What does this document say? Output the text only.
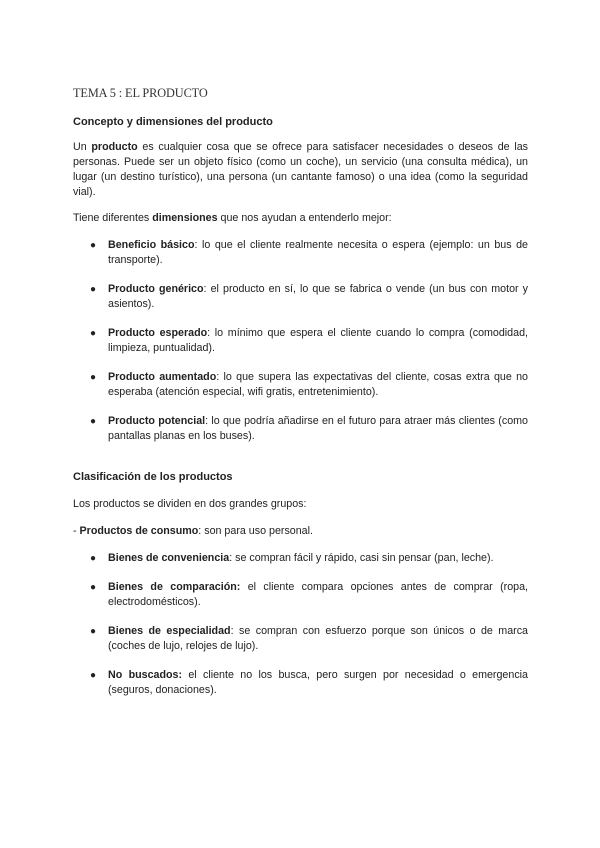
TEMA 5 : EL PRODUCTO
Concepto y dimensiones del producto
Un producto es cualquier cosa que se ofrece para satisfacer necesidades o deseos de las personas. Puede ser un objeto físico (como un coche), un servicio (una consulta médica), un lugar (un destino turístico), una persona (un cantante famoso) o una idea (como la seguridad vial).
Tiene diferentes dimensiones que nos ayudan a entenderlo mejor:
● Beneficio básico: lo que el cliente realmente necesita o espera (ejemplo: un bus de transporte).
● Producto genérico: el producto en sí, lo que se fabrica o vende (un bus con motor y asientos).
● Producto esperado: lo mínimo que espera el cliente cuando lo compra (comodidad, limpieza, puntualidad).
● Producto aumentado: lo que supera las expectativas del cliente, cosas extra que no esperaba (atención especial, wifi gratis, entretenimiento).
● Producto potencial: lo que podría añadirse en el futuro para atraer más clientes (como pantallas planas en los buses).
Clasificación de los productos
Los productos se dividen en dos grandes grupos:
- Productos de consumo: son para uso personal.
● Bienes de conveniencia: se compran fácil y rápido, casi sin pensar (pan, leche).
● Bienes de comparación: el cliente compara opciones antes de comprar (ropa, electrodomésticos).
● Bienes de especialidad: se compran con esfuerzo porque son únicos o de marca (coches de lujo, relojes de lujo).
● No buscados: el cliente no los busca, pero surgen por necesidad o emergencia (seguros, donaciones).
